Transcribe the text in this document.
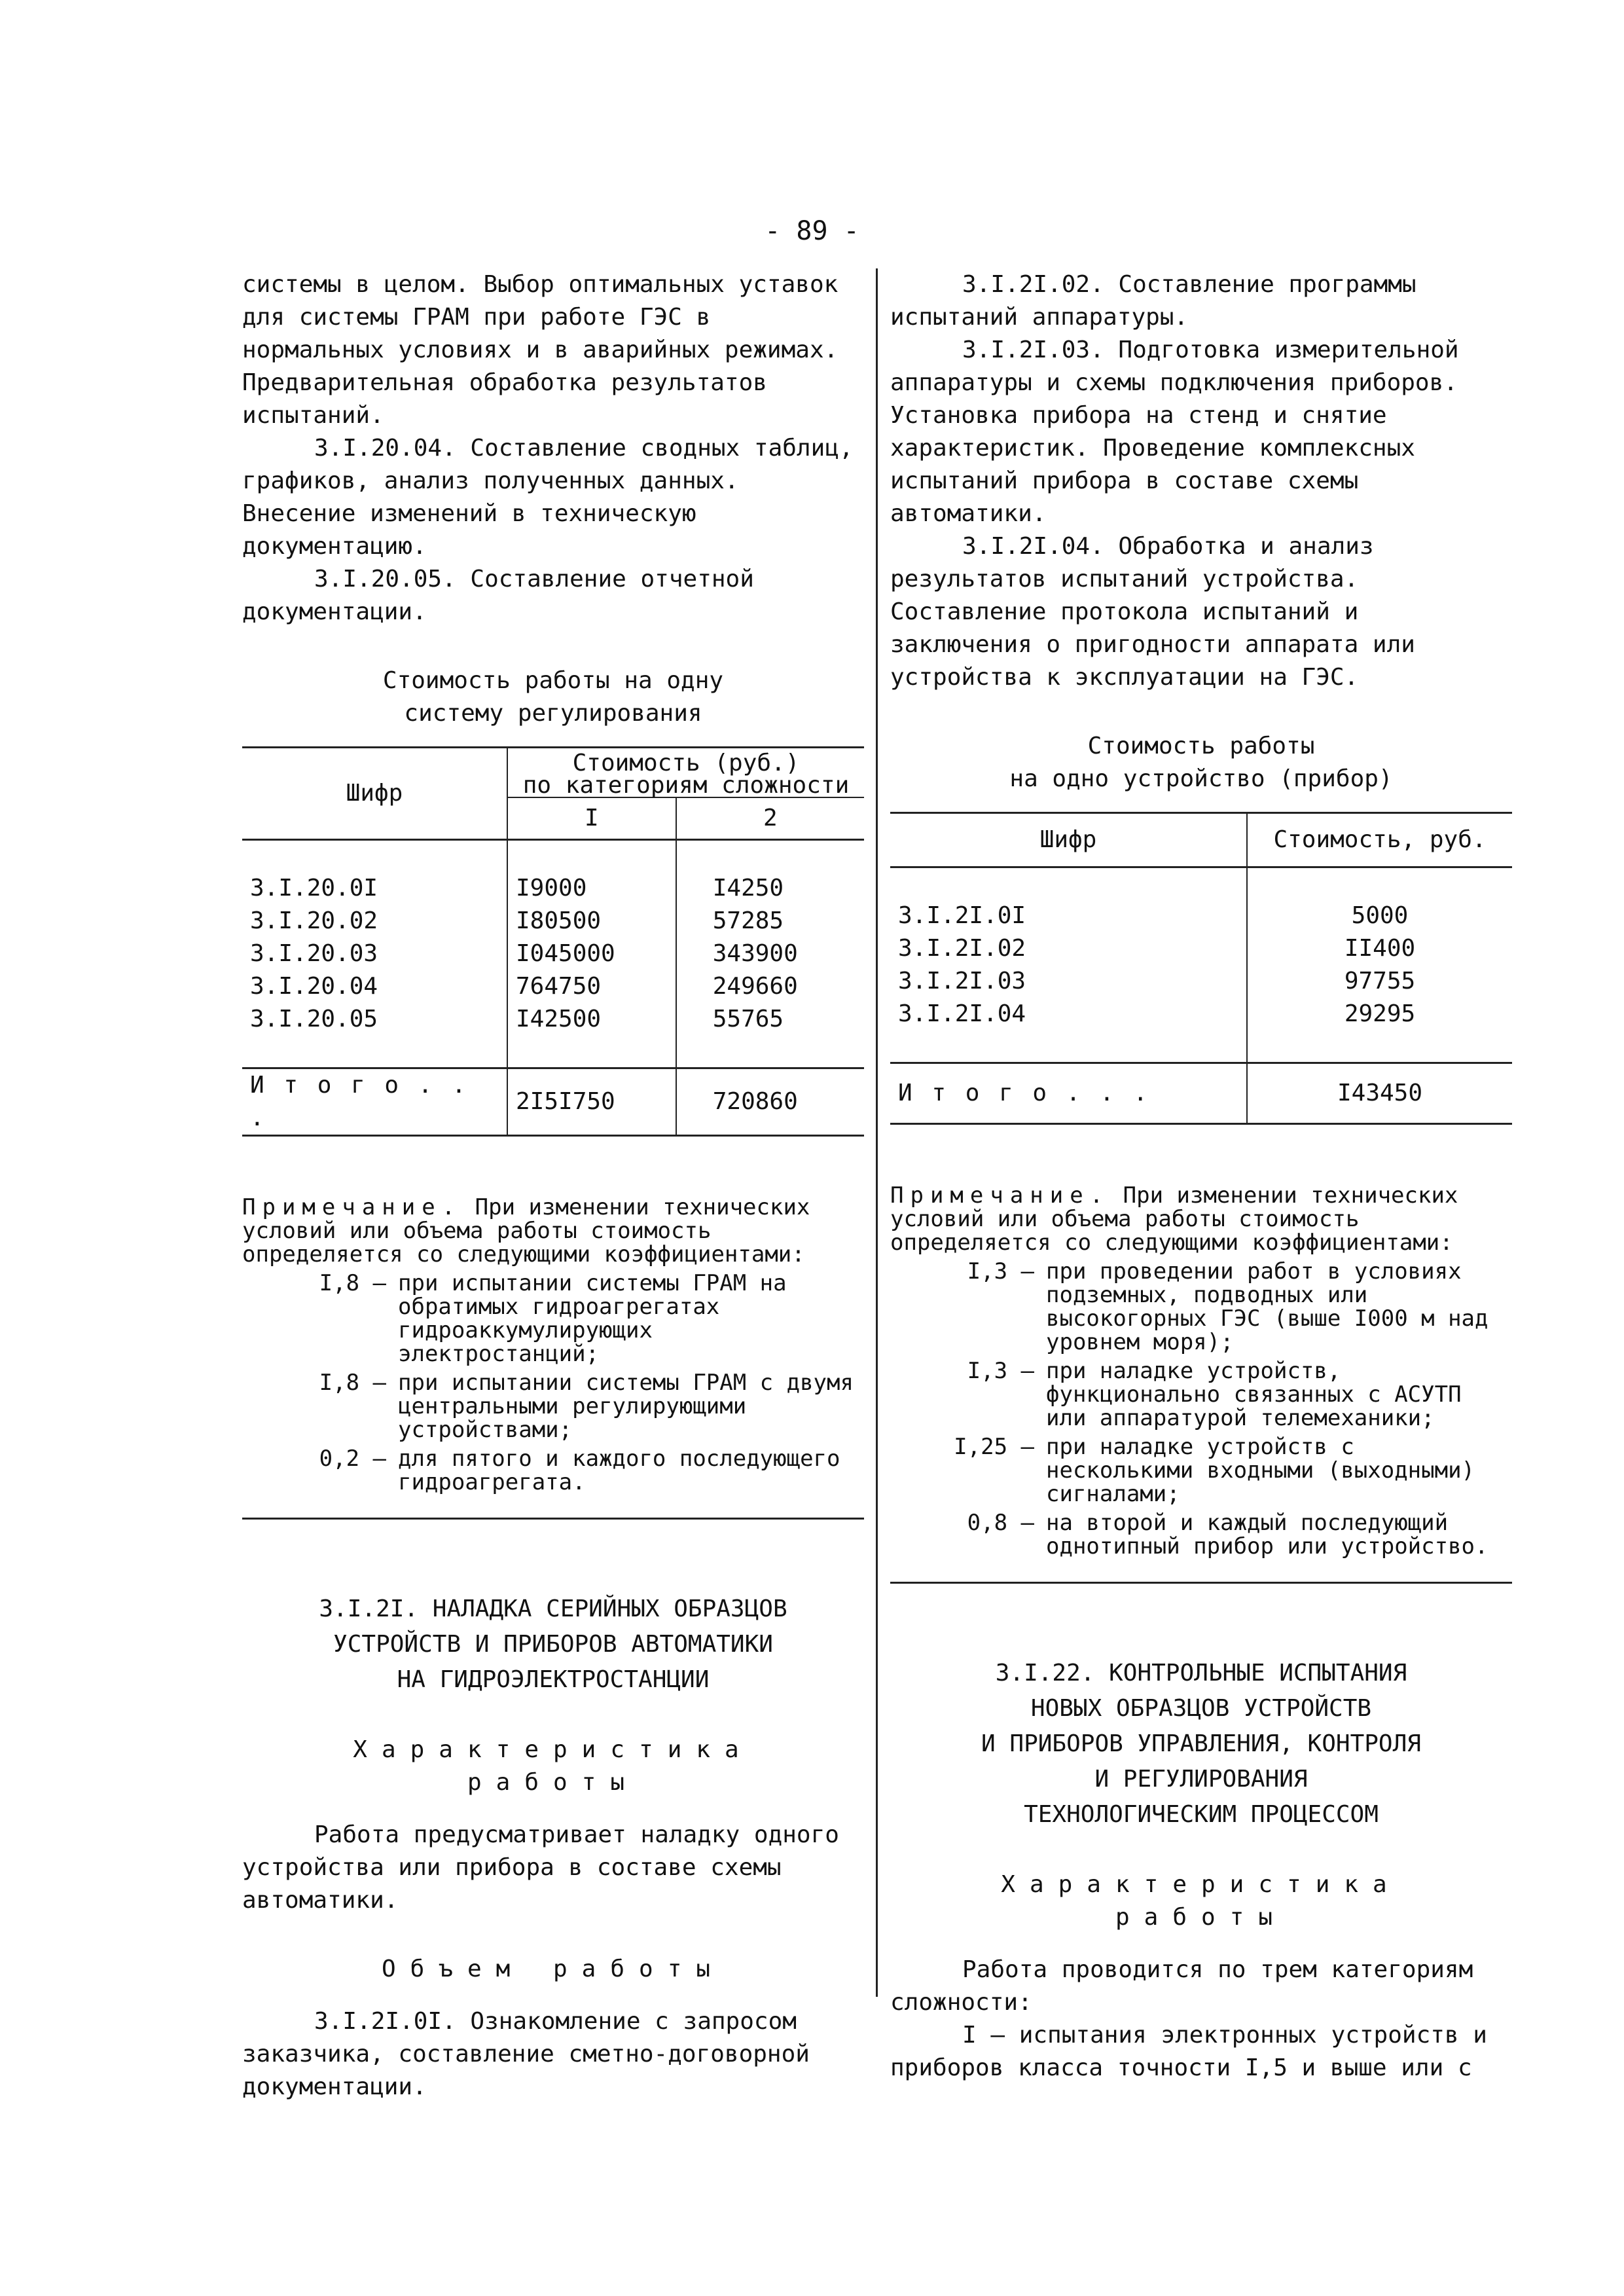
- 89 -

системы в целом. Выбор оптимальных уставок для системы ГРАМ при работе ГЭС в нормальных условиях и в аварийных режимах. Предварительная обработка результатов испытаний.

3.I.20.04. Составление сводных таблиц, графиков, анализ полученных данных. Внесение изменений в техническую документацию.

3.I.20.05. Составление отчетной документации.

Стоимость работы на одну
систему регулирования
Шифр	Стоимость (руб.)
по категориям сложности	

	I	2

3.I.20.0I	I9000	I4250
3.I.20.02	I80500	57285
3.I.20.03	I045000	343900
3.I.20.04	764750	249660
3.I.20.05	I42500	55765

И т о г о . . .	2I5I750	720860
Примечание. При изменении технических условий или объема работы стоимость определяется со следующими коэффициентами:
I,8 – при испытании системы ГРАМ на обратимых гидроагрегатах гидроаккумулирующих электростанций;
I,8 – при испытании системы ГРАМ с двумя центральными регулирующими устройствами;
0,2 – для пятого и каждого последующего гидроагрегата.
3.I.2I. НАЛАДКА СЕРИЙНЫХ ОБРАЗЦОВ
УСТРОЙСТВ И ПРИБОРОВ АВТОМАТИКИ
НА ГИДРОЭЛЕКТРОСТАНЦИИ
Характеристика
работы

Работа предусматривает наладку одного устройства или прибора в составе схемы автоматики.

Объем работы

3.I.2I.0I. Ознакомление с запросом заказчика, составление сметно-договорной документации.

3.I.2I.02. Составление программы испытаний аппаратуры.

3.I.2I.03. Подготовка измерительной аппаратуры и схемы подключения приборов. Установка прибора на стенд и снятие характеристик. Проведение комплексных испытаний прибора в составе схемы автоматики.

3.I.2I.04. Обработка и анализ результатов испытаний устройства. Составление протокола испытаний и заключения о пригодности аппарата или устройства к эксплуатации на ГЭС.

Стоимость работы
на одно устройство (прибор)
Шифр	Стоимость, руб.

3.I.2I.0I	5000
3.I.2I.02	II400
3.I.2I.03	97755
3.I.2I.04	29295

И т о г о . . .	I43450
Примечание. При изменении технических условий или объема работы стоимость определяется со следующими коэффициентами:
I,3 – при проведении работ в условиях подземных, подводных или высокогорных ГЭС (выше I000 м над уровнем моря);
I,3 – при наладке устройств, функционально связанных с АСУТП или аппаратурой телемеханики;
I,25 – при наладке устройств с несколькими входными (выходными) сигналами;
0,8 – на второй и каждый последующий однотипный прибор или устройство.
3.I.22. КОНТРОЛЬНЫЕ ИСПЫТАНИЯ
НОВЫХ ОБРАЗЦОВ УСТРОЙСТВ
И ПРИБОРОВ УПРАВЛЕНИЯ, КОНТРОЛЯ
И РЕГУЛИРОВАНИЯ
ТЕХНОЛОГИЧЕСКИМ ПРОЦЕССОМ
Характеристика
работы

Работа проводится по трем категориям сложности:

I – испытания электронных устройств и приборов класса точности I,5 и выше или с
